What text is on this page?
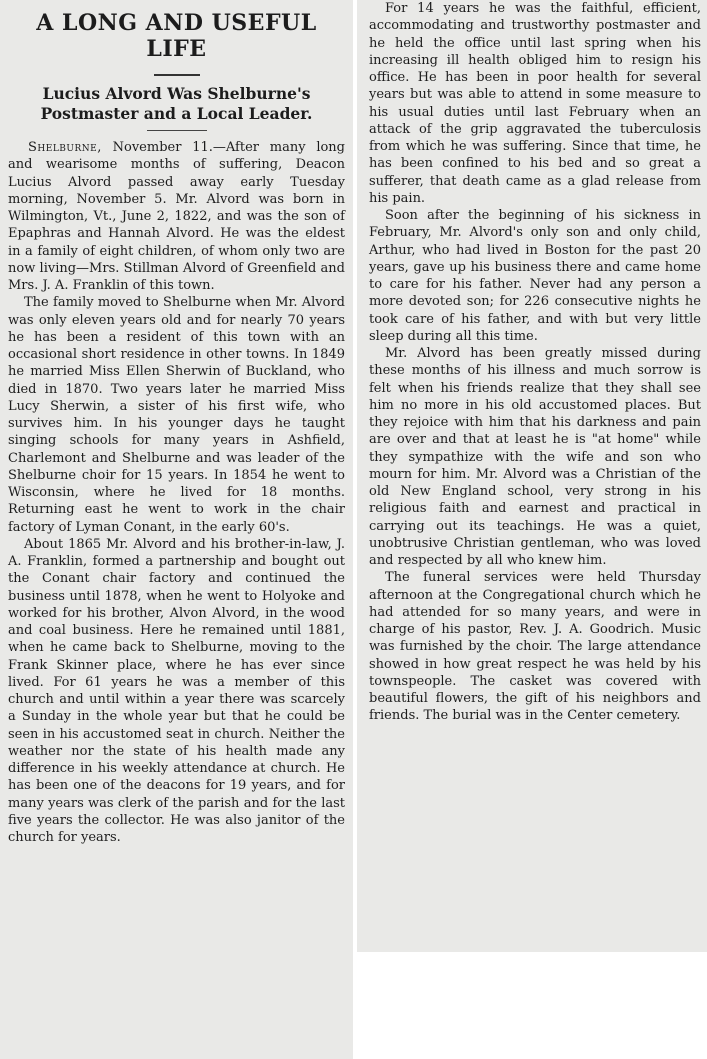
A LONG AND USEFUL LIFE
Lucius Alvord Was Shelburne's Postmaster and a Local Leader.

Shelburne, November 11.—After many long and wearisome months of suffering, Deacon Lucius Alvord passed away early Tuesday morning, November 5. Mr. Alvord was born in Wilmington, Vt., June 2, 1822, and was the son of Epaphras and Hannah Alvord. He was the eldest in a family of eight children, of whom only two are now living—Mrs. Stillman Alvord of Greenfield and Mrs. J. A. Franklin of this town.

The family moved to Shelburne when Mr. Alvord was only eleven years old and for nearly 70 years he has been a resident of this town with an occasional short residence in other towns. In 1849 he married Miss Ellen Sherwin of Buckland, who died in 1870. Two years later he married Miss Lucy Sherwin, a sister of his first wife, who survives him. In his younger days he taught singing schools for many years in Ashfield, Charlemont and Shelburne and was leader of the Shelburne choir for 15 years. In 1854 he went to Wisconsin, where he lived for 18 months. Returning east he went to work in the chair factory of Lyman Conant, in the early 60's.

About 1865 Mr. Alvord and his brother-in-law, J. A. Franklin, formed a partnership and bought out the Conant chair factory and continued the business until 1878, when he went to Holyoke and worked for his brother, Alvon Alvord, in the wood and coal business. Here he remained until 1881, when he came back to Shelburne, moving to the Frank Skinner place, where he has ever since lived. For 61 years he was a member of this church and until within a year there was scarcely a Sunday in the whole year but that he could be seen in his accustomed seat in church. Neither the weather nor the state of his health made any difference in his weekly attendance at church. He has been one of the deacons for 19 years, and for many years was clerk of the parish and for the last five years the collector. He was also janitor of the church for years.

For 14 years he was the faithful, efficient, accommodating and trustworthy postmaster and he held the office until last spring when his increasing ill health obliged him to resign his office. He has been in poor health for several years but was able to attend in some measure to his usual duties until last February when an attack of the grip aggravated the tuberculosis from which he was suffering. Since that time, he has been confined to his bed and so great a sufferer, that death came as a glad release from his pain.

Soon after the beginning of his sickness in February, Mr. Alvord's only son and only child, Arthur, who had lived in Boston for the past 20 years, gave up his business there and came home to care for his father. Never had any person a more devoted son; for 226 consecutive nights he took care of his father, and with but very little sleep during all this time.

Mr. Alvord has been greatly missed during these months of his illness and much sorrow is felt when his friends realize that they shall see him no more in his old accustomed places. But they rejoice with him that his darkness and pain are over and that at least he is "at home" while they sympathize with the wife and son who mourn for him. Mr. Alvord was a Christian of the old New England school, very strong in his religious faith and earnest and practical in carrying out its teachings. He was a quiet, unobtrusive Christian gentleman, who was loved and respected by all who knew him.

The funeral services were held Thursday afternoon at the Congregational church which he had attended for so many years, and were in charge of his pastor, Rev. J. A. Goodrich. Music was furnished by the choir. The large attendance showed in how great respect he was held by his townspeople. The casket was covered with beautiful flowers, the gift of his neighbors and friends. The burial was in the Center cemetery.
